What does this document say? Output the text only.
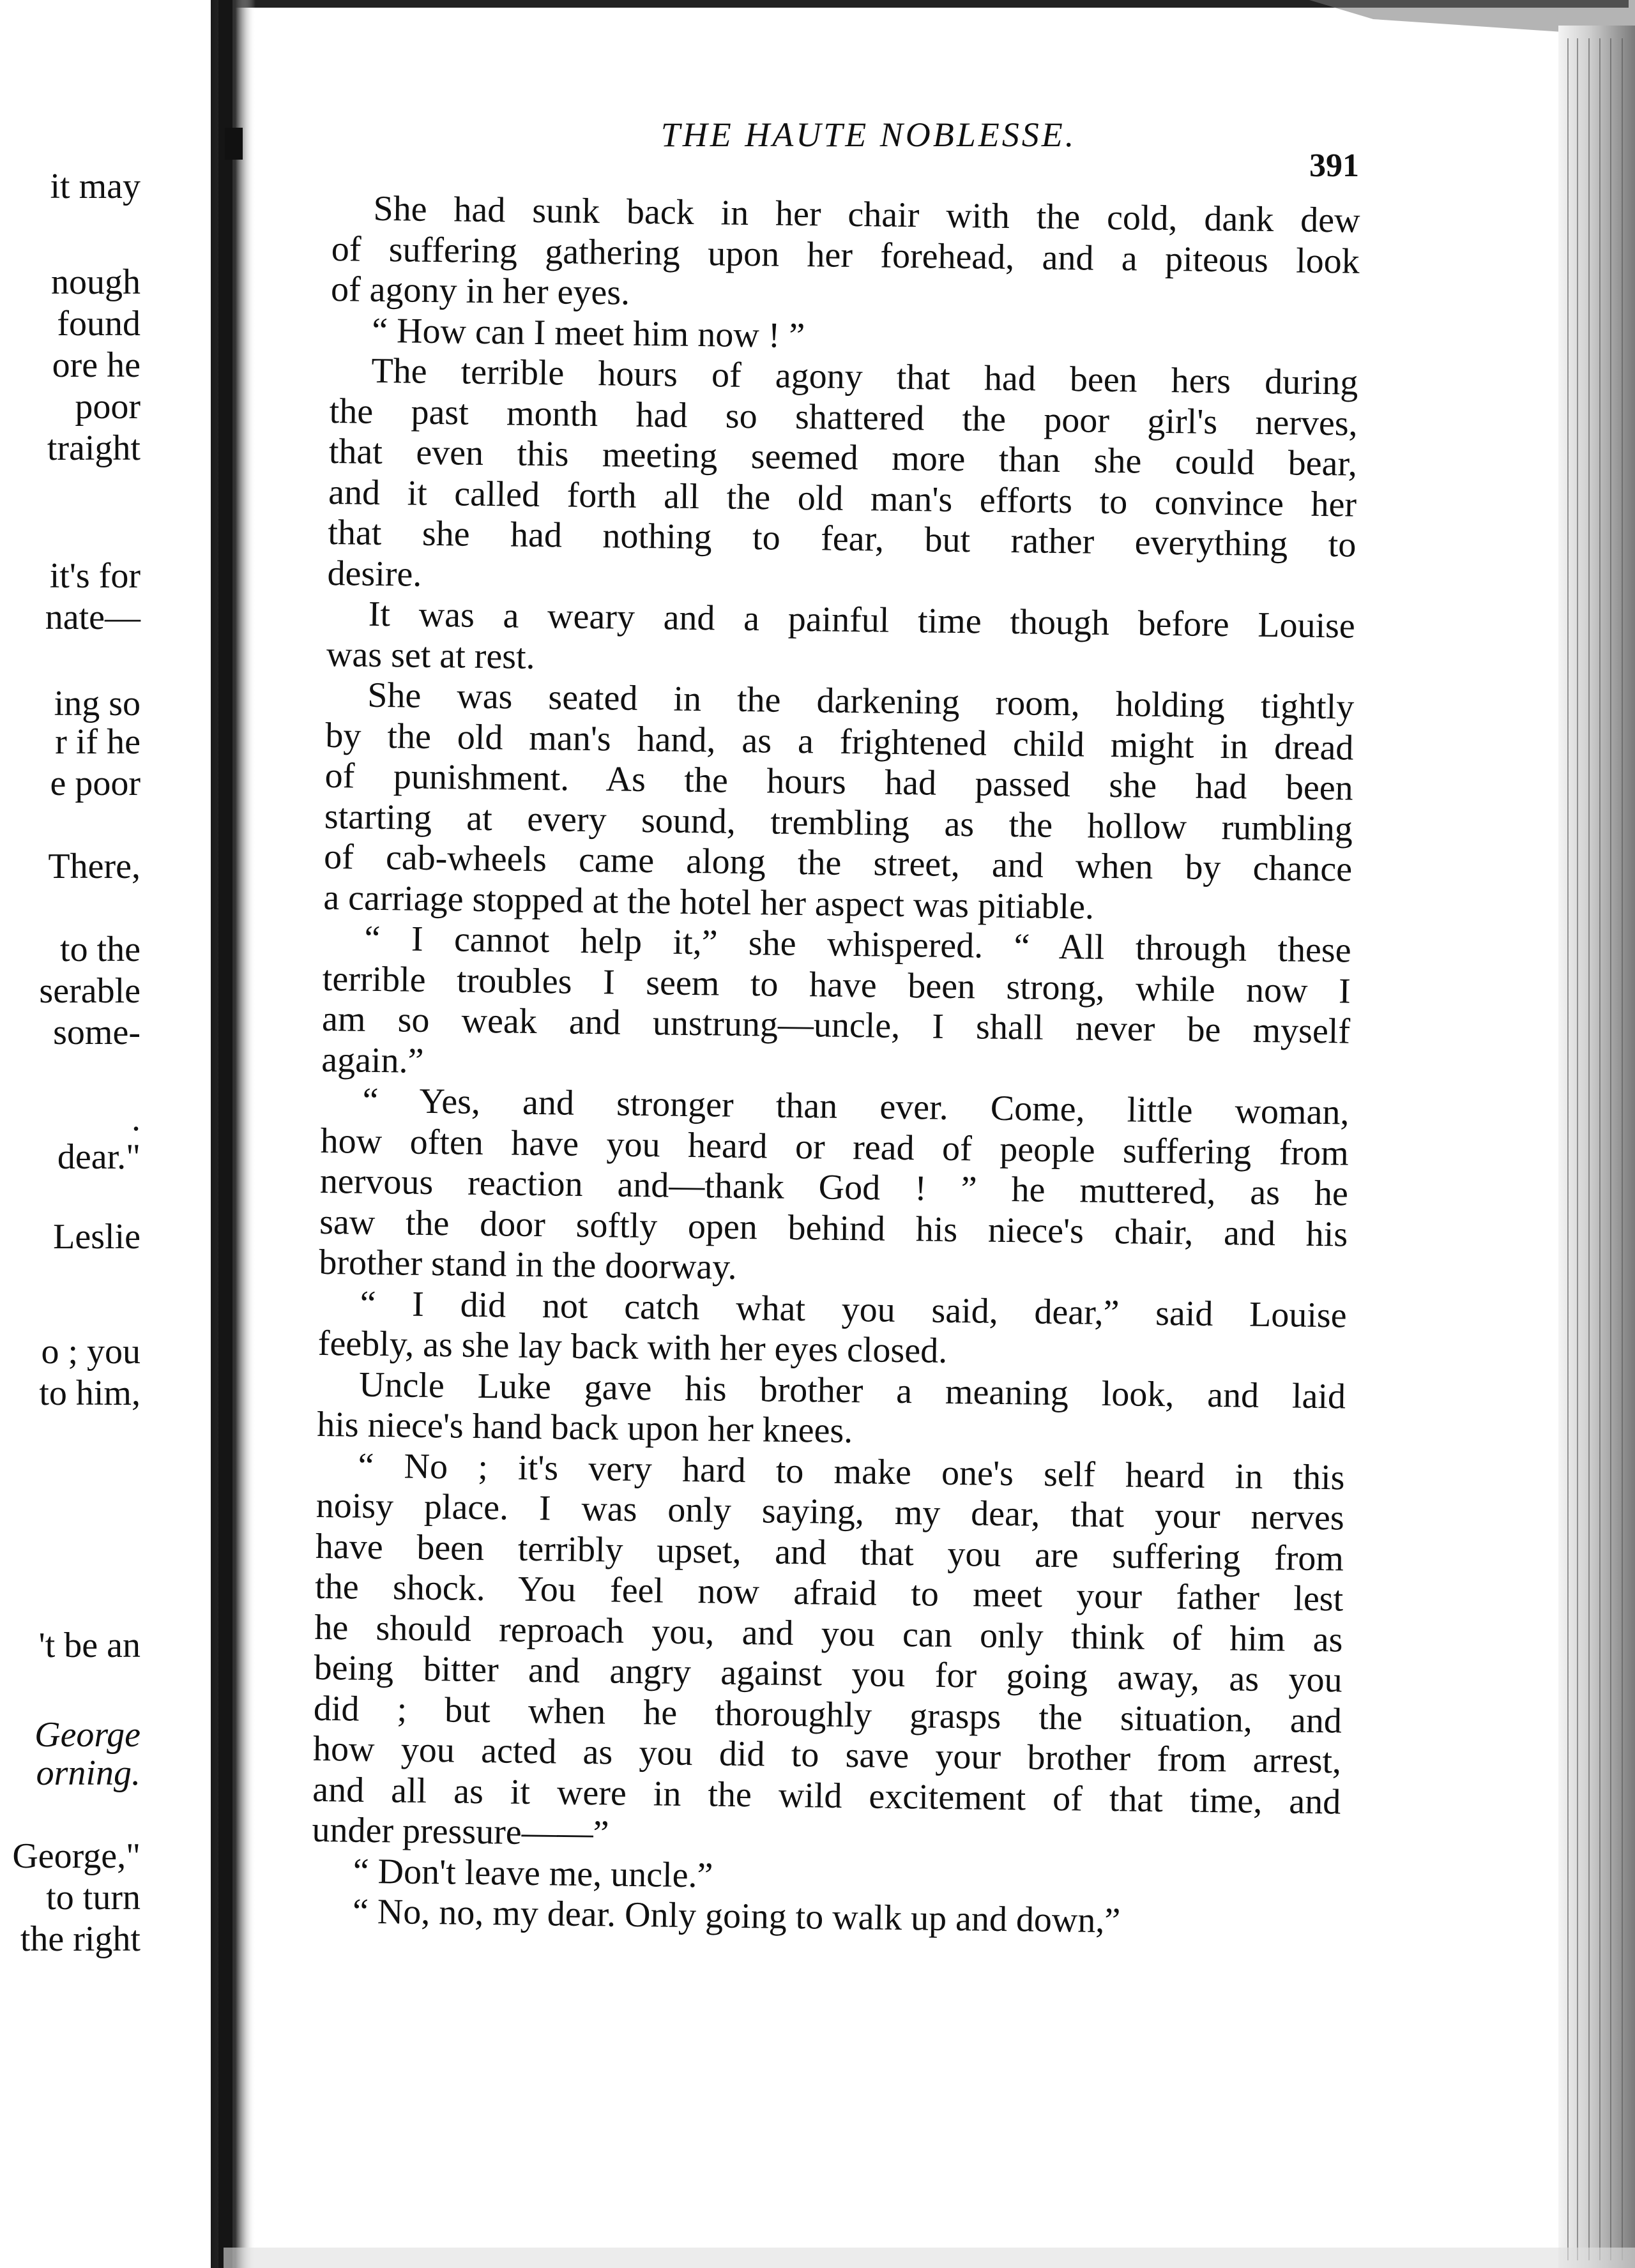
it may
nough
found
ore he
poor
traight
it's for
nate—
ing so
r if he
e poor
There,
to the
serable
some-
.
dear."
Leslie
o ; you
to him,
't be an
George
orning.
George,"
to turn
the right
THE HAUTE NOBLESSE.
391
She had sunk back in her chair with the cold, dank dew
of suffering gathering upon her forehead, and a piteous look
of agony in her eyes.
“ How can I meet him now ! ”
The terrible hours of agony that had been hers during
the past month had so shattered the poor girl's nerves,
that even this meeting seemed more than she could bear,
and it called forth all the old man's efforts to convince her
that she had nothing to fear, but rather everything to
desire.
It was a weary and a painful time though before Louise
was set at rest.
She was seated in the darkening room, holding tightly
by the old man's hand, as a frightened child might in dread
of punishment. As the hours had passed she had been
starting at every sound, trembling as the hollow rumbling
of cab-wheels came along the street, and when by chance
a carriage stopped at the hotel her aspect was pitiable.
“ I cannot help it,” she whispered. “ All through these
terrible troubles I seem to have been strong, while now I
am so weak and unstrung—uncle, I shall never be myself
again.”
“ Yes, and stronger than ever. Come, little woman,
how often have you heard or read of people suffering from
nervous reaction and—thank God ! ” he muttered, as he
saw the door softly open behind his niece's chair, and his
brother stand in the doorway.
“ I did not catch what you said, dear,” said Louise
feebly, as she lay back with her eyes closed.
Uncle Luke gave his brother a meaning look, and laid
his niece's hand back upon her knees.
“ No ; it's very hard to make one's self heard in this
noisy place. I was only saying, my dear, that your nerves
have been terribly upset, and that you are suffering from
the shock. You feel now afraid to meet your father lest
he should reproach you, and you can only think of him as
being bitter and angry against you for going away, as you
did ; but when he thoroughly grasps the situation, and
how you acted as you did to save your brother from arrest,
and all as it were in the wild excitement of that time, and
under pressure——”
“ Don't leave me, uncle.”
“ No, no, my dear. Only going to walk up and down,”
